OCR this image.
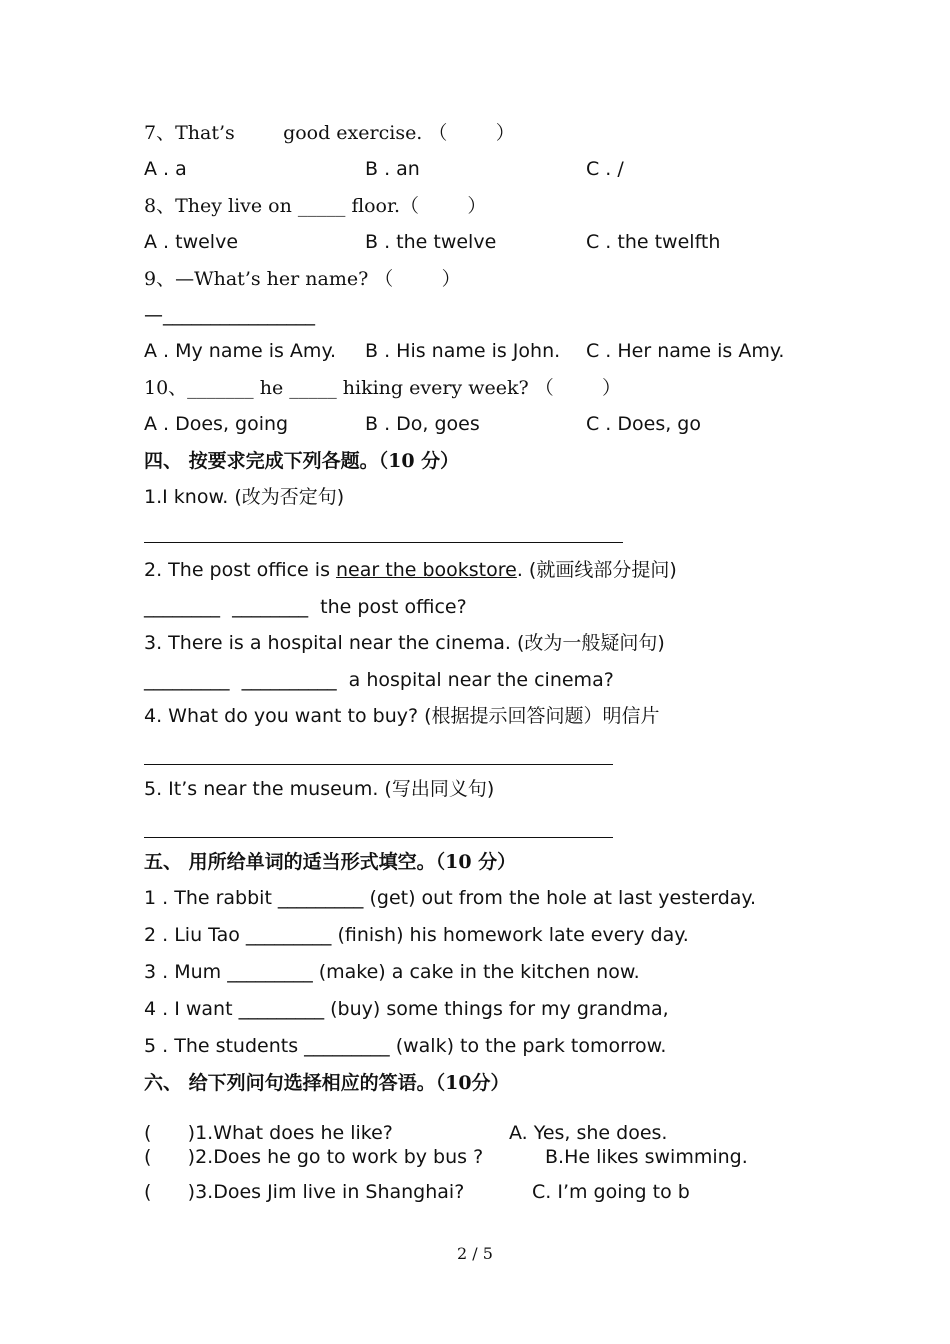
7、That’s        good exercise. （        ）
A . a	B . an	C . /
8、They live on _____ floor.（        ）
A . twelve	B . the twelve	C . the twelfth
9、—What’s her name? （        ）
—________________
A . My name is Amy. B . His name is John. C . Her name is Amy.
10、_______ he _____ hiking every week? （        ）
A . Does, going	B . Do, goes	C . Does, go
四、 按要求完成下列各题。（10 分）
1.I know. (改为否定句)
2. The post office is near the bookstore. (就画线部分提问)
________  ________  the post office?
3. There is a hospital near the cinema. (改为一般疑问句)
_________  __________  a hospital near the cinema?
4. What do you want to buy? (根据提示回答问题）明信片
5. It’s near the museum. (写出同义句)
五、 用所给单词的适当形式填空。（10 分）
1 . The rabbit _________ (get) out from the hole at last yesterday.
2 . Liu Tao _________ (finish) his homework late every day.
3 . Mum _________ (make) a cake in the kitchen now.
4 . I want _________ (buy) some things for my grandma,
5 . The students _________ (walk) to the park tomorrow.
六、 给下列问句选择相应的答语。（10分）
(      )1.What does he like?	A. Yes, she does.
(      )2.Does he go to work by bus ?	B.He likes swimming.
(      )3.Does Jim live in Shanghai?	C. I’m going to b
2 / 5
